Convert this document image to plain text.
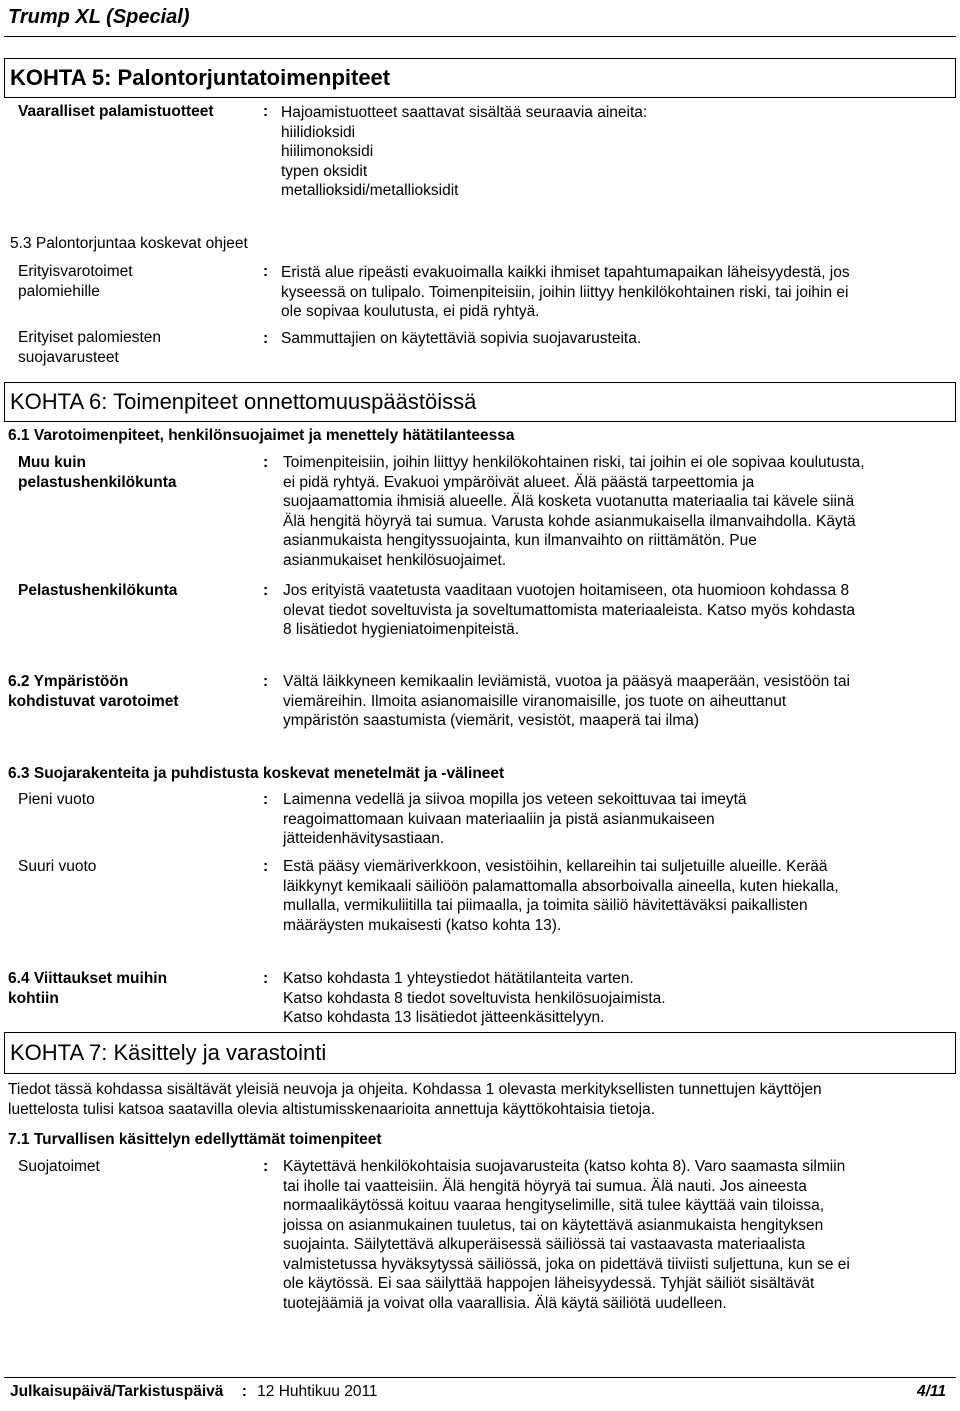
Trump XL (Special)
KOHTA 5: Palontorjuntatoimenpiteet
Vaaralliset palamistuotteet	: Hajoamistuotteet saattavat sisältää seuraavia aineita:
hiilidioksidi
hiilimonoksidi
typen oksidit
metallioksidi/metallioksidit
5.3 Palontorjuntaa koskevat ohjeet
Erityisvarotoimet
palomiehille
: Eristä alue ripeästi evakuoimalla kaikki ihmiset tapahtumapaikan läheisyydestä, jos
kyseessä on tulipalo. Toimenpiteisiin, joihin liittyy henkilökohtainen riski, tai joihin ei
ole sopivaa koulutusta, ei pidä ryhtyä.
Erityiset palomiesten
suojavarusteet
: Sammuttajien on käytettäviä sopivia suojavarusteita.
KOHTA 6: Toimenpiteet onnettomuuspäästöissä
6.1 Varotoimenpiteet, henkilönsuojaimet ja menettely hätätilanteessa
Muu kuin
pelastushenkilökunta
: Toimenpiteisiin, joihin liittyy henkilökohtainen riski, tai joihin ei ole sopivaa koulutusta,
ei pidä ryhtyä. Evakuoi ympäröivät alueet. Älä päästä tarpeettomia ja
suojaamattomia ihmisiä alueelle. Älä kosketa vuotanutta materiaalia tai kävele siinä
Älä hengitä höyryä tai sumua. Varusta kohde asianmukaisella ilmanvaihdolla. Käytä
asianmukaista hengityssuojainta, kun ilmanvaihto on riittämätön. Pue
asianmukaiset henkilösuojaimet.
Pelastushenkilökunta	: Jos erityistä vaatetusta vaaditaan vuotojen hoitamiseen, ota huomioon kohdassa 8
olevat tiedot soveltuvista ja soveltumattomista materiaaleista. Katso myös kohdasta
8 lisätiedot hygieniatoimenpiteistä.
6.2 Ympäristöön
kohdistuvat varotoimet
: Vältä läikkyneen kemikaalin leviämistä, vuotoa ja pääsyä maaperään, vesistöön tai
viemäreihin. Ilmoita asianomaisille viranomaisille, jos tuote on aiheuttanut
ympäristön saastumista (viemärit, vesistöt, maaperä tai ilma)
6.3 Suojarakenteita ja puhdistusta koskevat menetelmät ja -välineet
Pieni vuoto	: Laimenna vedellä ja siivoa mopilla jos veteen sekoittuvaa tai imeytä
reagoimattomaan kuivaan materiaaliin ja pistä asianmukaiseen
jätteidenhävitysastiaan.
Suuri vuoto	: Estä pääsy viemäriverkkoon, vesistöihin, kellareihin tai suljetuille alueille. Kerää
läikkynyt kemikaali säiliöön palamattomalla absorboivalla aineella, kuten hiekalla,
mullalla, vermikuliitilla tai piimaalla, ja toimita säiliö hävitettäväksi paikallisten
määräysten mukaisesti (katso kohta 13).
6.4 Viittaukset muihin
kohtiin
: Katso kohdasta 1 yhteystiedot hätätilanteita varten.
Katso kohdasta 8 tiedot soveltuvista henkilösuojaimista.
Katso kohdasta 13 lisätiedot jätteenkäsittelyyn.
KOHTA 7: Käsittely ja varastointi
Tiedot tässä kohdassa sisältävät yleisiä neuvoja ja ohjeita. Kohdassa 1 olevasta merkityksellisten tunnettujen käyttöjen
luettelosta tulisi katsoa saatavilla olevia altistumisskenaarioita annettuja käyttökohtaisia tietoja.
7.1 Turvallisen käsittelyn edellyttämät toimenpiteet
Suojatoimet	: Käytettävä henkilökohtaisia suojavarusteita (katso kohta 8). Varo saamasta silmiin
tai iholle tai vaatteisiin. Älä hengitä höyryä tai sumua. Älä nauti. Jos aineesta
normaalikäytössä koituu vaaraa hengityselimille, sitä tulee käyttää vain tiloissa,
joissa on asianmukainen tuuletus, tai on käytettävä asianmukaista hengityksen
suojainta. Säilytettävä alkuperäisessä säiliössä tai vastaavasta materiaalista
valmistetussa hyväksytyssä säiliössä, joka on pidettävä tiiviisti suljettuna, kun se ei
ole käytössä. Ei saa säilyttää happojen läheisyydessä. Tyhjät säiliöt sisältävät
tuotejäämiä ja voivat olla vaarallisia. Älä käytä säiliötä uudelleen.
Julkaisupäivä/Tarkistuspäivä : 12 Huhtikuu 2011	4/11
